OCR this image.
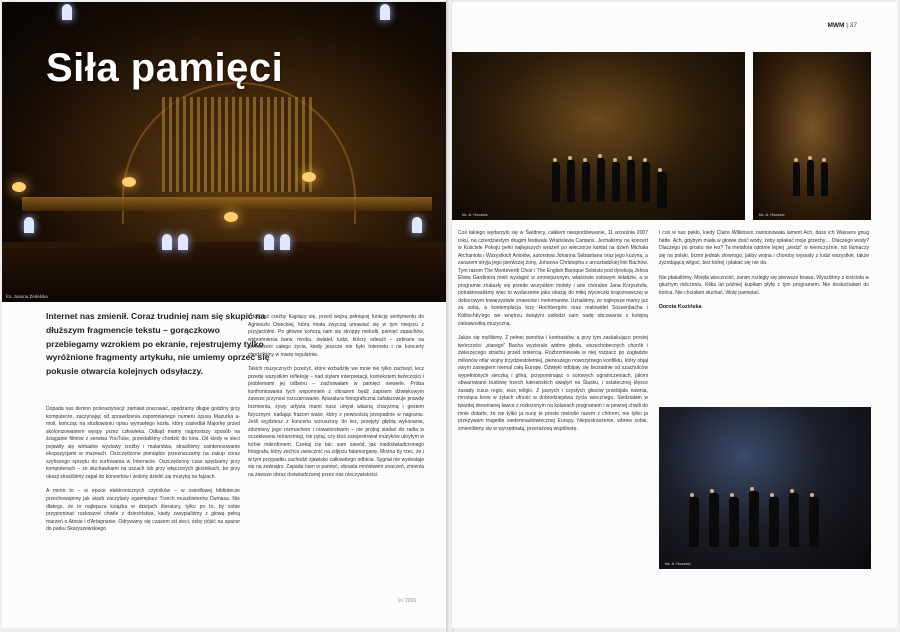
Siła pamięci
fot. Joanna Żedelska
Internet nas zmienił. Coraz trudniej nam się skupić na dłuższym fragmencie tekstu – gorączkowo przebiegamy wzrokiem po ekranie, rejestrujemy tylko wyróżnione fragmenty artykułu, nie umiemy oprzeć się pokusie otwarcia kolejnych odsyłaczy.

Dopada nas demon prokrastynacji: zamiast pracować, spędzamy długie godziny przy komputerze, zaczynając od sprawdzenia zapomnianego numeru opusu Mazurka a-moll, kończąc na studiowaniu opisu wymarłego kozła, który zasiedlał Majorkę przed skolonizowaniem wyspy przez człowieka. Odkąd mamy najprostszy sposób na ściąganie filmów z serwisu YouTube, przestaliśmy chodzić do kina. Od kiedy w sieci pojawiły się wirtualne wystawy rzeźby i malarstwa, straciliśmy zainteresowanie ekspozycjami w muzeach. Oszczędzone pieniądze przeznaczamy na zakup coraz szybszego sprzętu do surfowania w Internecie. Oszczędzony czas spędzamy przy komputerach – ze słuchawkami na uszach lub przy włączonych głośnikach, bo przy okazji straciliśmy zapał do koncertów i wolimy dzielić się muzyką na fajzach.

A mimo to – w epoce elektronicznych czytników – w osiedlowej bibliotecze przechowujemy jak skarb zaczytany egzemplarz Trzech muszkieterów Dumasa. Nie dlatego, że to najlepsza książka w dziejach literatury, tylko po to, by sobie przypominać rozkoszne chwile z dzieciństwa, kiedy zasypialiśmy z głową pełną marzeń o Atosie i d'Artagnanie. Odrywamy się czasem od sieci, żeby pójść na spacer do parku Skaryszewskiego

i dotknąć rzeźby Kąpiący się, przed wojną pełniącej funkcję sentymentu do Agnieszki Osieckiej, która miała zwyczaj umawiać się w tym miejscu z przyjaciółmi. Po główne kończą nam się stroppy melodii, pamięć zapachów, wspomnienia barw, mroku, świateł, ludzi, którzy odeszli – zebrane na przestrzeni całego życia, kiedy jeszcze nie było Internetu i na koncerty chodziliśmy w miarę regularnie.

Takich muzycznych przeżyć, które wzbudziły we mnie nie tylko zachwyt, lecz przede wszystkim refleksję – nad stylem interpretacji, kontekstem twórczości i problemami jej odbioru – zachowałam w pamięci niewiele. Próba konfrontowania tych wspomnień z obrazem będź zapisem dźwiękowym zawsze przynosi rozczarowanie. Aparatura fonograficzna zafałszowuje prawdę brzmienia, żywy artysta mami nasz umysł własną charyzmą i gestem fizycznym, nadając frazom walor, który z pewnością przepadnie w nagraniu. Jeśli wyjdziesz z koncertu wzruszony do łez, przejęty głębią wykonania, zdumiony jego rozmachem i nowatorstwem – nie próbuj siadać do radia w oczekiwaniu retransmisji, nie pytaj, czy ktoś zarejestrował muzyków ukrytym w torbie mikrofonem. Czekaj cię tak: sam zawód, jak niedoświadczonego fotografa, który zechce uwiecznić na zdjęciu fatamorganę. Można by rzec, że i w tym przypadku zachodzi zjawisko całkowitego odbicia. Sygnał nie wydostaje się na zewnątrz. Zapada nam w pamięć, obrasta mnóstwem znaczeń, zmienia na zawsze obraz doświadczanej przez nas rzeczywistości.

9 / 2016
MWM | 37
fot. A. Hoczeic	fot. A. Hoczeic

Coś takiego wydarzyło się w Świdnicy, całkiem niespodziewanie, 11 września 2007 roku, na czterdziestym drugim festiwalu Wratislavia Cantans. Jechaliśmy na koncert w Kościele Pokoju pełni najlepszych wrażeń po wieczorze kantat na dzień Michała Archanioła i Wszystkich Aniołów, autorstwa Johanna Sebastiana oraz jego kuzyna, a zarazem stryja jego pierwszej żony, Johanna Christopha z arnsztadzkiej linii Bachów. Tym razem The Monteverdi Choir i The English Baroque Soloists pod dyrekcją Johna Eliota Gardinera mieli wystąpić w zmniejszonym, właściwie solowym składzie, a w programie znalazły się przede wszystkim motety i arie chóralne Jana Krzysztofa, potraktowaliśmy więc to wydarzenie jako okazję do miłej wycieczki krajoznawczej w doborowym towarzystwie znawców i melomanów. Uznaliśmy, że najlepsze mamy już za sobą, a kontemplacja lozy Hochbergów oraz malowideł Süssenbacha i Kolitschky'ego we wnętrzu świątyni ostłodzi nam nadę obcowania z kolejną ciekawostką muzyczną.

Jakże się myliliśmy. Z pełnej zwrotów i kontrastów, a przy tym zaskakująco prostej twórczości „starego” Bacha wyzierało widmo głodu, wszechobecnych chorób i zwierzęcego strachu przed śmiercią. Rozbrzmiewała w niej rozpacz po zagładzie milionów ofiar wojny trzydziestoletniej, pierwszego nowożytnego konfliktu, który objął swym zasięgiem niemal całą Europę. Dźwięki odbijały się bezradnie od szachulców wypełnionych sieczką i gliną, przypominając o surowych ograniczeniach, jakimi obwarowano budowę trzech luterańskich świątyń na Śląsku, i ostatecznej klęsce zasady cuius regio, eius religio. Z jasnych i czystych głosów przebijała nawnia, mrożąca krew w żyłach ufność w dobrodziejstwa życia wiecznego. Siedziałam w twardej drewnianej ławce z rozłożonym na kolanach programem i w pewnej chwili do mnie dotarło, że nie tylko ja nucę te proste melodie razem z chórem, nie tylko ja przeżywam tragedię siedemnastowiecznej Europy. Niepostrzeżenie, wbrew sobie, zmieniliśmy się w wyrzędnatą, przerażoną wspólnotę.

I coś w nas pękło, kiedy Claire Wilkinson zaintonowała lament Ach, dass ich Wassers gnug hätte. Ach, gdybym miała w głowie dość wody, żeby opłakać moje grzechy… Dlaczego wody? Dlaczego po prostu nie łez? Ta metafora istotnie lepiej „siedzi” w niemczyźnie, niż tłumaczy się na polski, brzmi jednak złowrogo, jakby wojna i choroby wyssały z ludzi wszystkie, także żyzodającą wilgoć, bez której i płakać się nie da.

Nie płakaliśmy. Minęła wieczność, zanim rozległy się pierwsze brawa. Wyszliśmy z kościoła w głuchym milczeniu. Kilka lat później kupiłam płytę z tym programem. Nie dosłuchałam do końca. Nie chciałam słuchać. Wolę pamiętać.

Dorota Kozińska

fot. A. Hoczeic
